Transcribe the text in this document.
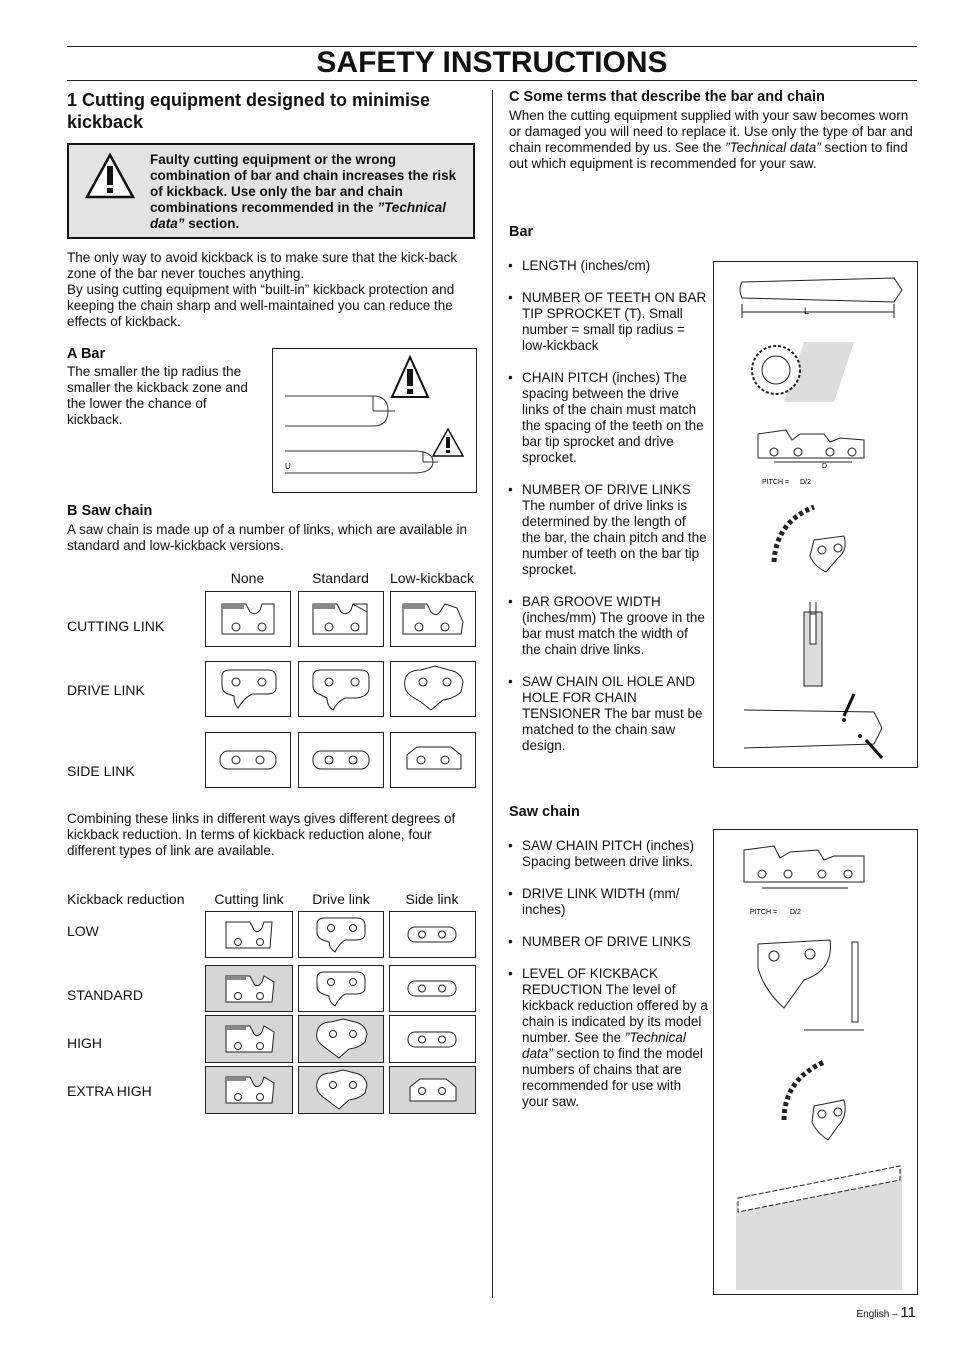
SAFETY INSTRUCTIONS
1 Cutting equipment designed to minimise kickback
Faulty cutting equipment or the wrong combination of bar and chain increases the risk of kickback. Use only the bar and chain combinations recommended in the ”Technical data” section.
The only way to avoid kickback is to make sure that the kick-back zone of the bar never touches anything.
By using cutting equipment with “built-in” kickback protection and keeping the chain sharp and well-maintained you can reduce the effects of kickback.
A Bar
The smaller the tip radius the smaller the kickback zone and the lower the chance of kickback.
U
B Saw chain
A saw chain is made up of a number of links, which are available in standard and low-kickback versions.
None	Standard	Low-kickback
CUTTING LINK
DRIVE LINK
SIDE LINK
Combining these links in different ways gives different degrees of kickback reduction. In terms of kickback reduction alone, four different types of link are available.
Kickback reduction	Cutting link	Drive link	Side link
LOW
STANDARD
HIGH
EXTRA HIGH
C Some terms that describe the bar and chain
When the cutting equipment supplied with your saw becomes worn or damaged you will need to replace it. Use only the type of bar and chain recommended by us. See the ”Technical data” section to find out which equipment is recommended for your saw.
Bar
• LENGTH (inches/cm)
• NUMBER OF TEETH ON BAR TIP SPROCKET (T). Small number = small tip radius = low-kickback
• CHAIN PITCH (inches) The spacing between the drive links of the chain must match the spacing of the teeth on the bar tip sprocket and drive sprocket.
• NUMBER OF DRIVE LINKS The number of drive links is determined by the length of the bar, the chain pitch and the number of teeth on the bar tip sprocket.
• BAR GROOVE WIDTH (inches/mm) The groove in the bar must match the width of the chain drive links.
• SAW CHAIN OIL HOLE AND HOLE FOR CHAIN TENSIONER The bar must be matched to the chain saw design.
L
D
PITCH = D/2
Saw chain
• SAW CHAIN PITCH (inches) Spacing between drive links.
• DRIVE LINK WIDTH (mm/ inches)
• NUMBER OF DRIVE LINKS
• LEVEL OF KICKBACK REDUCTION The level of kickback reduction offered by a chain is indicated by its model number. See the ”Technical data” section to find the model numbers of chains that are recommended for use with your saw.
PITCH = D/2
English – 11
